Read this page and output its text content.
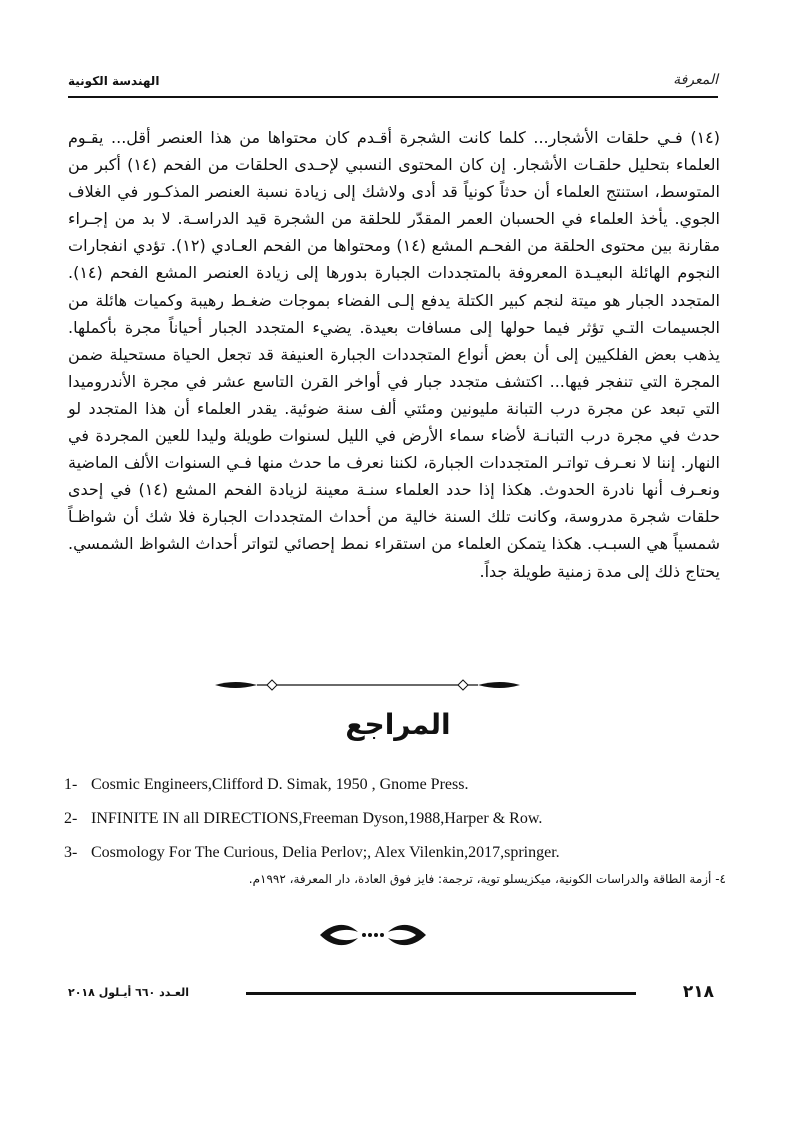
الهندسة الكونية	المعرفة
(١٤) فـي حلقات الأشجار... كلما كانت الشجرة أقـدم كان محتواها من هذا العنصر أقل... يقـوم العلماء بتحليل حلقـات الأشجار. إن كان المحتوى النسبي لإحـدى الحلقات من الفحم (١٤) أكبر من المتوسط، استنتج العلماء أن حدثاً كونياً قد أدى ولاشك إلى زيادة نسبة العنصر المذكـور في الغلاف الجوي. يأخذ العلماء في الحسبان العمر المقدّر للحلقة من الشجرة قيد الدراسـة. لا بد من إجـراء مقارنة بين محتوى الحلقة من الفحـم المشع (١٤) ومحتواها من الفحم العـادي (١٢). تؤدي انفجارات النجوم الهائلة البعيـدة المعروفة بالمتجددات الجبارة بدورها إلى زيادة العنصر المشع الفحم (١٤). المتجدد الجبار هو ميتة لنجم كبير الكتلة يدفع إلـى الفضاء بموجات ضغـط رهيبة وكميات هائلة من الجسيمات التـي تؤثر فيما حولها إلى مسافات بعيدة. يضيء المتجدد الجبار أحياناً مجرة بأكملها. يذهب بعض الفلكيين إلى أن بعض أنواع المتجددات الجبارة العنيفة قد تجعل الحياة مستحيلة ضمن المجرة التي تنفجر فيها... اكتشف متجدد جبار في أواخر القرن التاسع عشر في مجرة الأندروميدا التي تبعد عن مجرة درب التبانة مليونين ومئتي ألف سنة ضوئية. يقدر العلماء أن هذا المتجدد لو حدث في مجرة درب التبانـة لأضاء سماء الأرض في الليل لسنوات طويلة وليدا للعين المجردة في النهار. إننا لا نعـرف تواتـر المتجددات الجبارة، لكننا نعرف ما حدث منها فـي السنوات الألف الماضية ونعـرف أنها نادرة الحدوث. هكذا إذا حدد العلماء سنـة معينة لزيادة الفحم المشع (١٤) في إحدى حلقات شجرة مدروسة، وكانت تلك السنة خالية من أحداث المتجددات الجبارة فلا شك أن شواظـاً شمسياً هي السبـب. هكذا يتمكن العلماء من استقراء نمط إحصائي لتواتر أحداث الشواظ الشمسي. يحتاج ذلك إلى مدة زمنية طويلة جداً.
المراجع
1- Cosmic Engineers,Clifford D. Simak, 1950 , Gnome Press.
2- INFINITE IN all DIRECTIONS,Freeman Dyson,1988,Harper & Row.
3- Cosmology For The Curious, Delia Perlov;, Alex Vilenkin,2017,springer.
٤- أزمة الطاقة والدراسات الكونية، ميكزيسلو توية، ترجمة: فايز فوق العادة، دار المعرفة، ١٩٩٢م.
العـدد ٦٦٠ أيـلول ٢٠١٨	٢١٨
